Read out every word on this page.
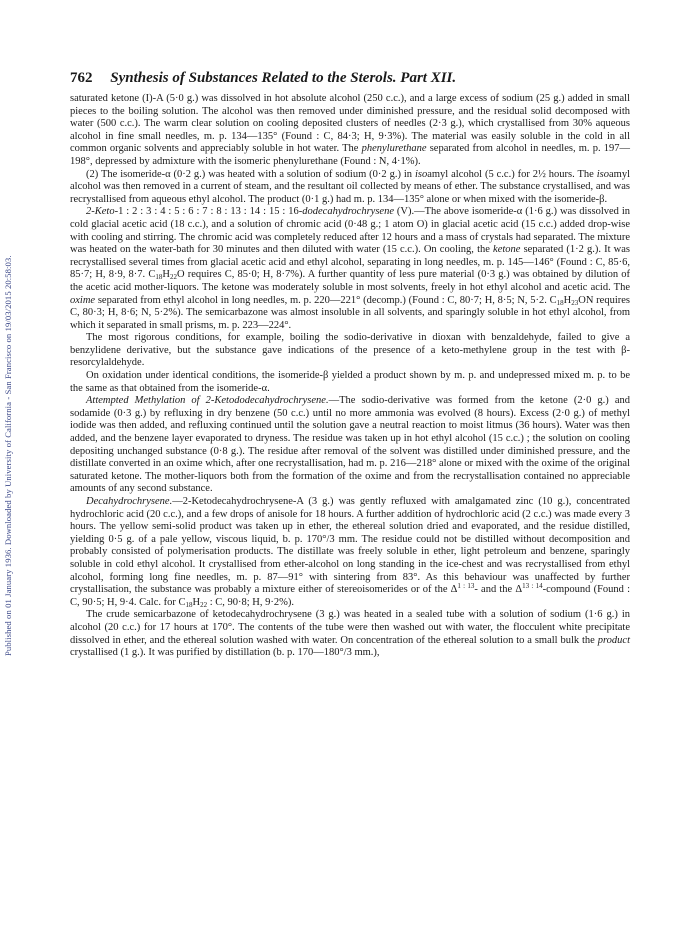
Published on 01 January 1936. Downloaded by University of California - San Francisco on 19/03/2015 20:58:03.
762 Synthesis of Substances Related to the Sterols. Part XII.

saturated ketone (I)-A (5·0 g.) was dissolved in hot absolute alcohol (250 c.c.), and a large excess of sodium (25 g.) added in small pieces to the boiling solution. The alcohol was then removed under diminished pressure, and the residual solid decomposed with water (500 c.c.). The warm clear solution on cooling deposited clusters of needles (2·3 g.), which crystallised from 30% aqueous alcohol in fine small needles, m. p. 134—135° (Found : C, 84·3; H, 9·3%). The material was easily soluble in the cold in all common organic solvents and appreciably soluble in hot water. The phenylurethane separated from alcohol in needles, m. p. 197—198°, depressed by admixture with the isomeric phenylurethane (Found : N, 4·1%).

(2) The isomeride-α (0·2 g.) was heated with a solution of sodium (0·2 g.) in isoamyl alcohol (5 c.c.) for 2½ hours. The isoamyl alcohol was then removed in a current of steam, and the resultant oil collected by means of ether. The substance crystallised, and was recrystallised from aqueous ethyl alcohol. The product (0·1 g.) had m. p. 134—135° alone or when mixed with the isomeride-β.

2-Keto-1 : 2 : 3 : 4 : 5 : 6 : 7 : 8 : 13 : 14 : 15 : 16-dodecahydrochrysene (V).—The above isomeride-α (1·6 g.) was dissolved in cold glacial acetic acid (18 c.c.), and a solution of chromic acid (0·48 g.; 1 atom O) in glacial acetic acid (15 c.c.) added drop-wise with cooling and stirring. The chromic acid was completely reduced after 12 hours and a mass of crystals had separated. The mixture was heated on the water-bath for 30 minutes and then diluted with water (15 c.c.). On cooling, the ketone separated (1·2 g.). It was recrystallised several times from glacial acetic acid and ethyl alcohol, separating in long needles, m. p. 145—146° (Found : C, 85·6, 85·7; H, 8·9, 8·7. $C_{18}H_{22}O$ requires C, 85·0; H, 8·7%). A further quantity of less pure material (0·3 g.) was obtained by dilution of the acetic acid mother-liquors. The ketone was moderately soluble in most solvents, freely in hot ethyl alcohol and acetic acid. The oxime separated from ethyl alcohol in long needles, m. p. 220—221° (decomp.) (Found : C, 80·7; H, 8·5; N, 5·2. $C_{18}H_{23}ON$ requires C, 80·3; H, 8·6; N, 5·2%). The semicarbazone was almost insoluble in all solvents, and sparingly soluble in hot ethyl alcohol, from which it separated in small prisms, m. p. 223—224°.

The most rigorous conditions, for example, boiling the sodio-derivative in dioxan with benzaldehyde, failed to give a benzylidene derivative, but the substance gave indications of the presence of a keto-methylene group in the test with β-resorcylaldehyde.

On oxidation under identical conditions, the isomeride-β yielded a product shown by m. p. and undepressed mixed m. p. to be the same as that obtained from the isomeride-α.

Attempted Methylation of 2-Ketododecahydrochrysene.—The sodio-derivative was formed from the ketone (2·0 g.) and sodamide (0·3 g.) by refluxing in dry benzene (50 c.c.) until no more ammonia was evolved (8 hours). Excess (2·0 g.) of methyl iodide was then added, and refluxing continued until the solution gave a neutral reaction to moist litmus (36 hours). Water was then added, and the benzene layer evaporated to dryness. The residue was taken up in hot ethyl alcohol (15 c.c.) ; the solution on cooling depositing unchanged substance (0·8 g.). The residue after removal of the solvent was distilled under diminished pressure, and the distillate converted in an oxime which, after one recrystallisation, had m. p. 216—218° alone or mixed with the oxime of the original saturated ketone. The mother-liquors both from the formation of the oxime and from the recrystallisation contained no appreciable amounts of any second substance.

Decahydrochrysene.—2-Ketodecahydrochrysene-A (3 g.) was gently refluxed with amalgamated zinc (10 g.), concentrated hydrochloric acid (20 c.c.), and a few drops of anisole for 18 hours. A further addition of hydrochloric acid (2 c.c.) was made every 3 hours. The yellow semi-solid product was taken up in ether, the ethereal solution dried and evaporated, and the residue distilled, yielding 0·5 g. of a pale yellow, viscous liquid, b. p. 170°/3 mm. The residue could not be distilled without decomposition and probably consisted of polymerisation products. The distillate was freely soluble in ether, light petroleum and benzene, sparingly soluble in cold ethyl alcohol. It crystallised from ether-alcohol on long standing in the ice-chest and was recrystallised from ethyl alcohol, forming long fine needles, m. p. 87—91° with sintering from 83°. As this behaviour was unaffected by further crystallisation, the substance was probably a mixture either of stereoisomerides or of the $\Delta^{1 : 13}-$ and the $\Delta^{13 : 14}$-compound (Found : C, 90·5; H, 9·4. Calc. for $C_{18}H_{22}$ : C, 90·8; H, 9·2%).

The crude semicarbazone of ketodecahydrochrysene (3 g.) was heated in a sealed tube with a solution of sodium (1·6 g.) in alcohol (20 c.c.) for 17 hours at 170°. The contents of the tube were then washed out with water, the flocculent white precipitate dissolved in ether, and the ethereal solution washed with water. On concentration of the ethereal solution to a small bulk the product crystallised (1 g.). It was purified by distillation (b. p. 170—180°/3 mm.),
